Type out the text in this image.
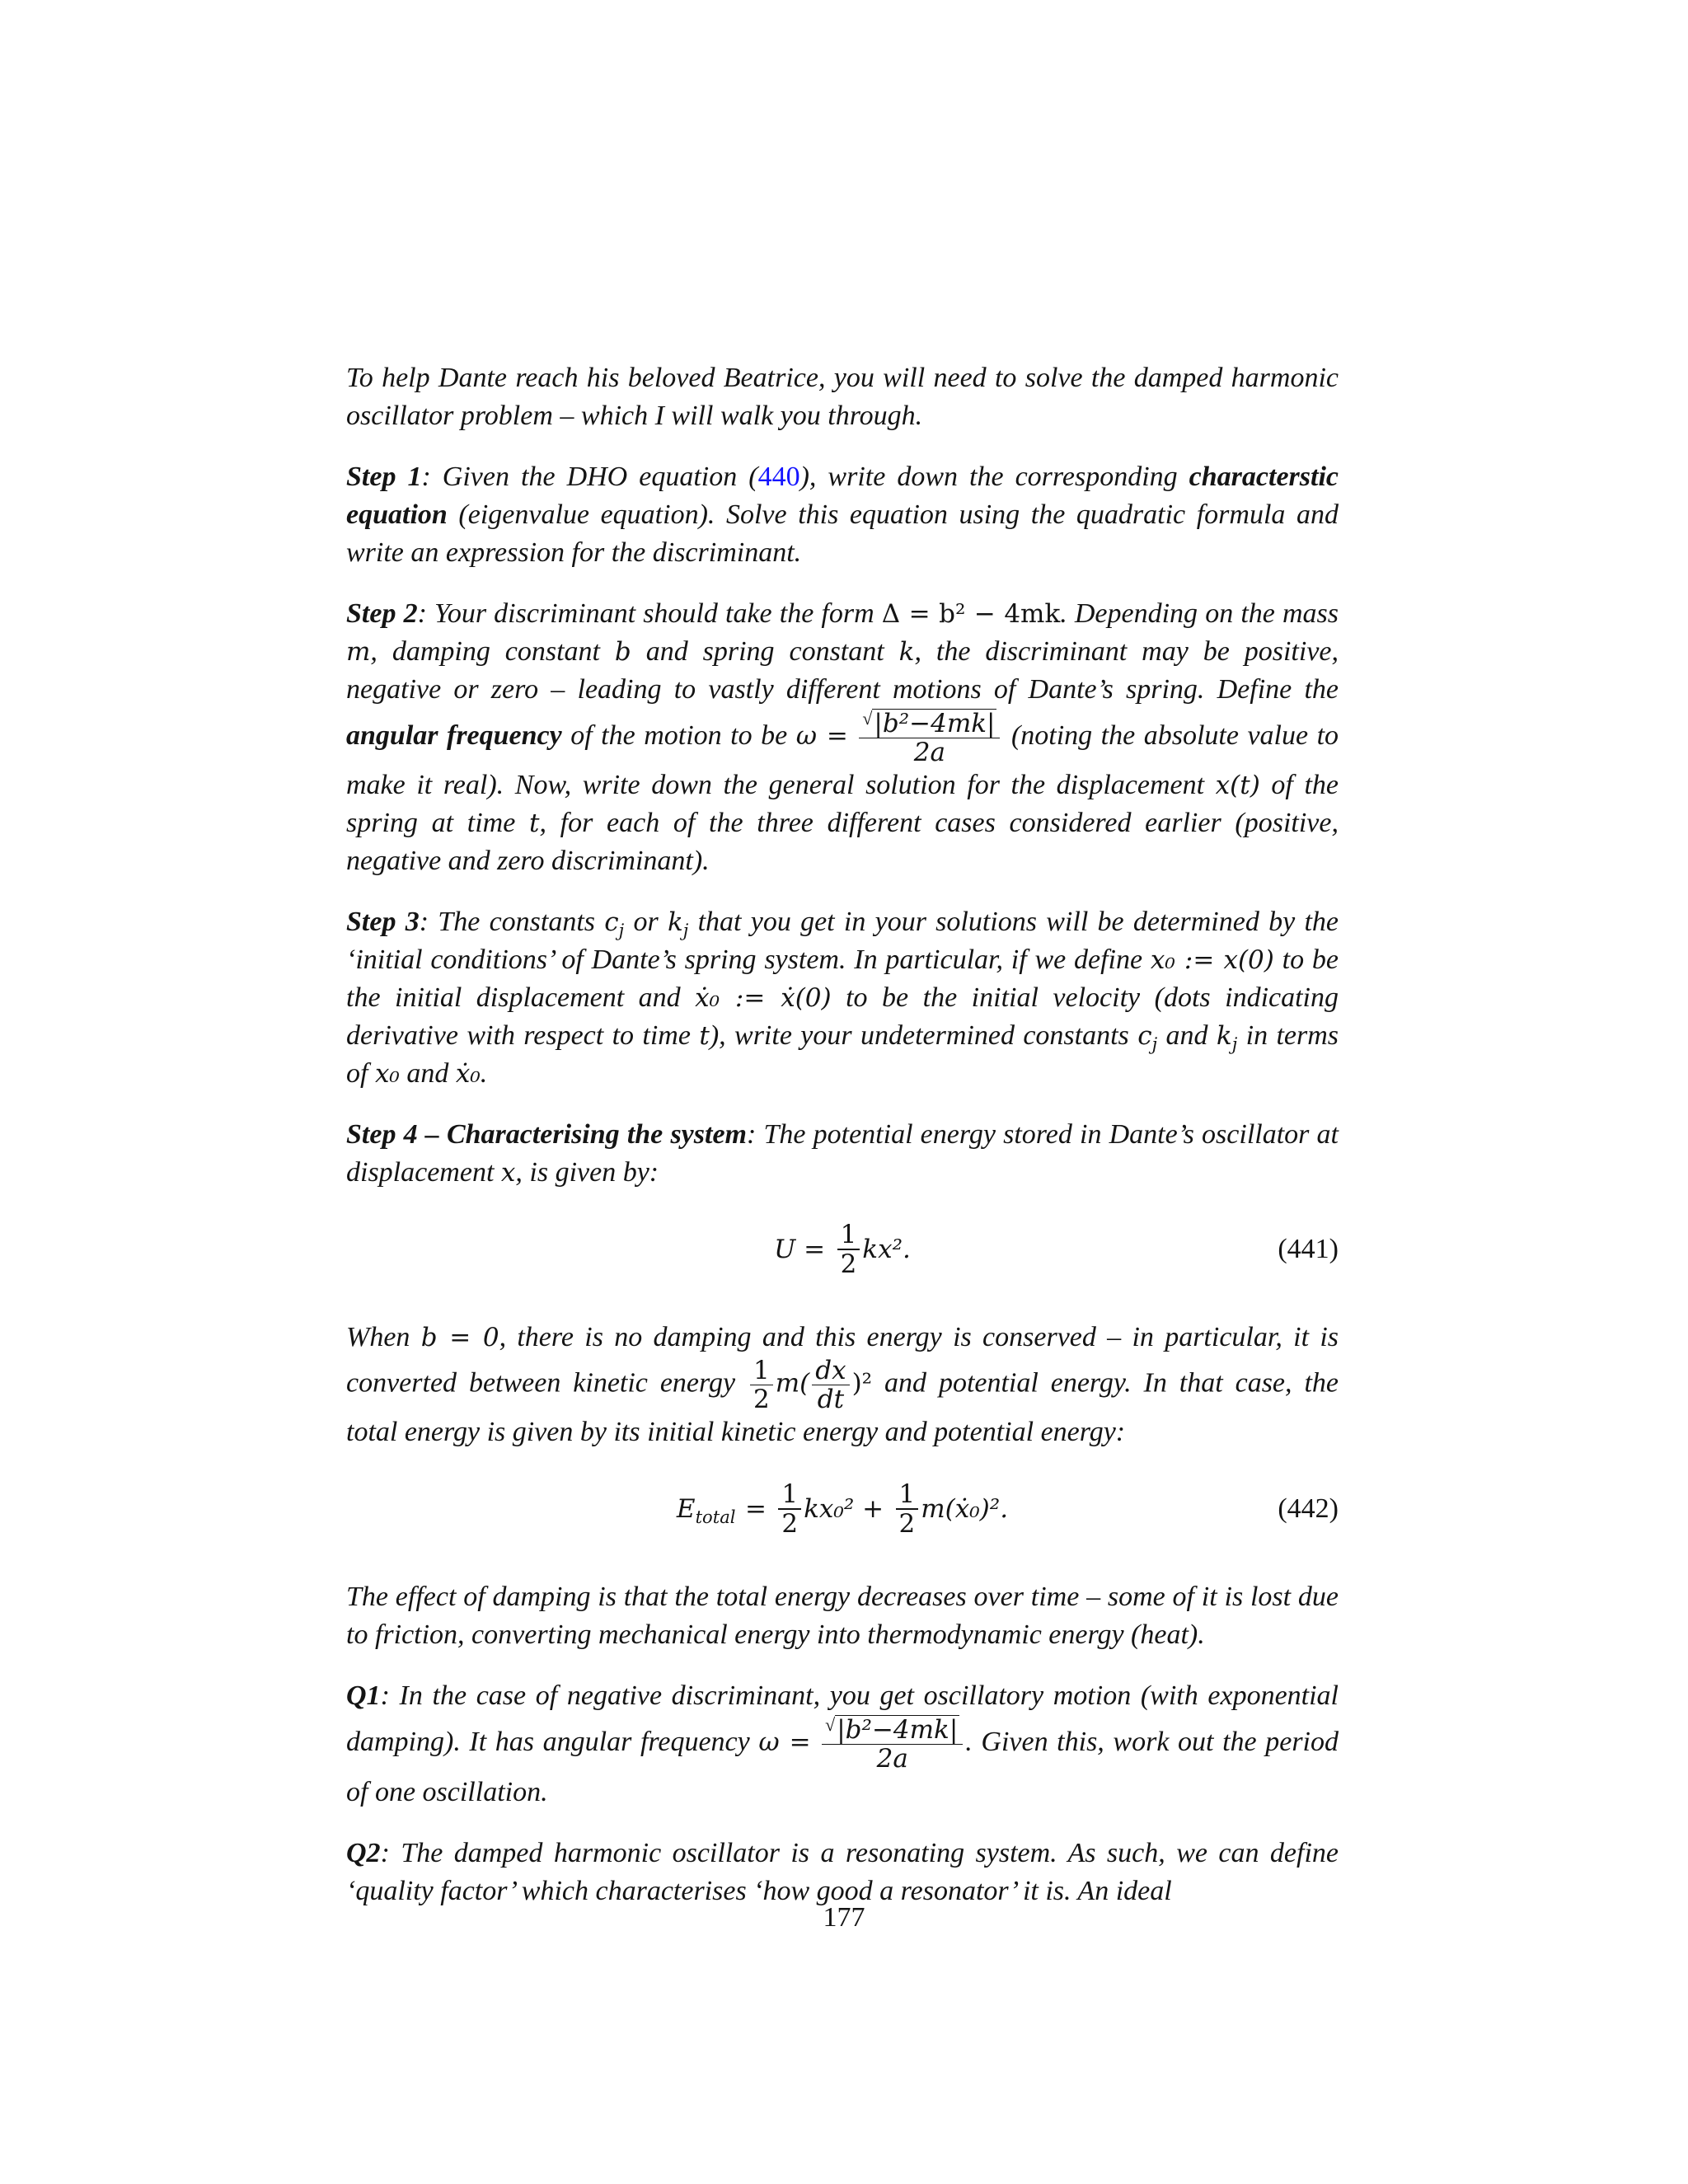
To help Dante reach his beloved Beatrice, you will need to solve the damped harmonic oscillator problem – which I will walk you through.

Step 1: Given the DHO equation (440), write down the corresponding characterstic equation (eigenvalue equation). Solve this equation using the quadratic formula and write an expression for the discriminant.

Step 2: Your discriminant should take the form Δ = b² − 4mk. Depending on the mass m, damping constant b and spring constant k, the discriminant may be positive, negative or zero – leading to vastly different motions of Dante’s spring. Define the angular frequency of the motion to be $\omega = \frac{\text{√ |b²−4mk|}}{2a}$ (noting the absolute value to make it real). Now, write down the general solution for the displacement x(t) of the spring at time t, for each of the three different cases considered earlier (positive, negative and zero discriminant).

Step 3: The constants $c_j$ or $k_j$ that you get in your solutions will be determined by the ‘initial conditions’ of Dante’s spring system. In particular, if we define x₀ := x(0) to be the initial displacement and ẋ₀ := ẋ(0) to be the initial velocity (dots indicating derivative with respect to time t), write your undetermined constants $c_j$ and $k_j$ in terms of x₀ and ẋ₀.

Step 4 – Characterising the system: The potential energy stored in Dante’s oscillator at displacement x, is given by:

U =
$\frac{1}{2} kx^2$.	(441)

When b = 0, there is no damping and this energy is conserved – in particular, it is converted between kinetic energy $\frac{1}{2} m( \frac{dx}{dt} )^2$ and potential energy. In that case, the total energy is given by its initial kinetic energy and potential energy:

$E_{total}$
=
$\frac{1}{2} kx_0^2$ +
$\frac{1}{2}$ m(ẋ₀)².	(442)

The effect of damping is that the total energy decreases over time – some of it is lost due to friction, converting mechanical energy into thermodynamic energy (heat).

Q1: In the case of negative discriminant, you get oscillatory motion (with exponential damping). It has angular frequency $\omega = \frac{\text{√ |b²−4mk|}}{2a}$ . Given this, work out the period of one oscillation.

Q2: The damped harmonic oscillator is a resonating system. As such, we can define ‘quality factor’ which characterises ‘how good a resonator’ it is. An ideal

177
